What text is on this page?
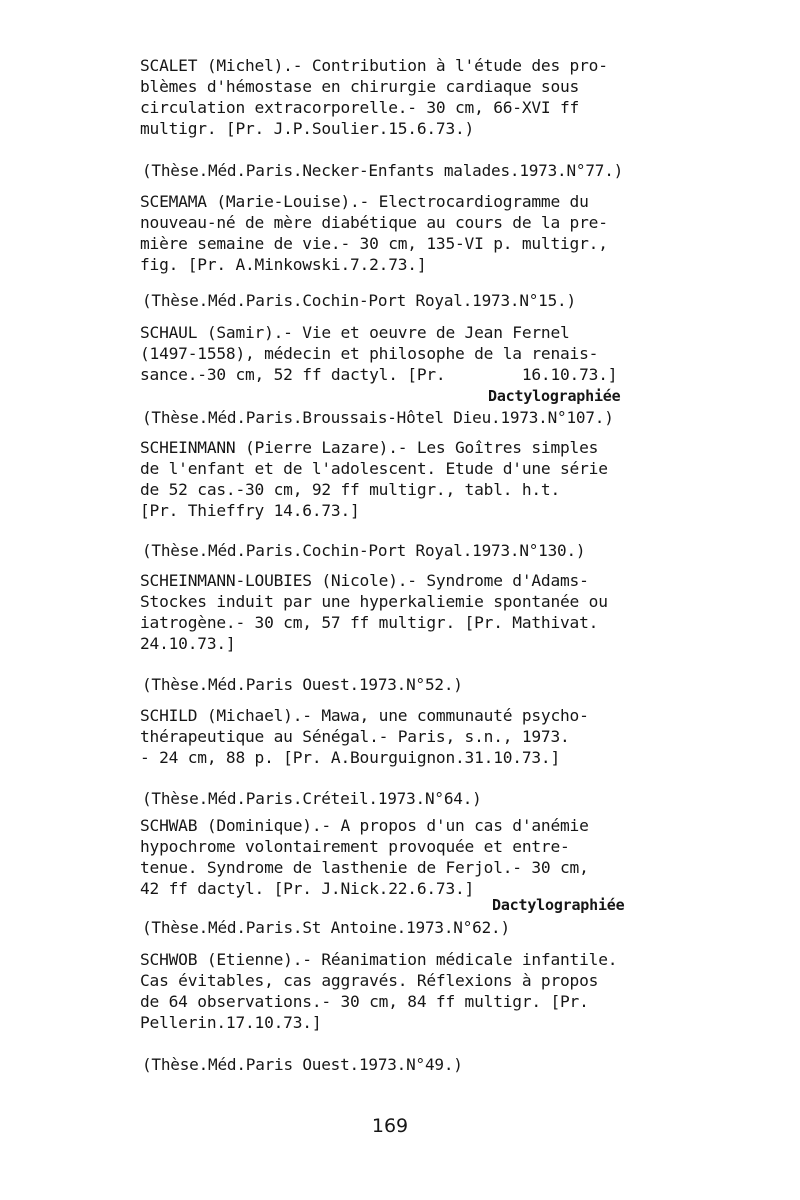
SCALET (Michel).- Contribution à l'étude des pro-
blèmes d'hémostase en chirurgie cardiaque sous
circulation extracorporelle.- 30 cm, 66-XVI ff
multigr. [Pr. J.P.Soulier.15.6.73.)
(Thèse.Méd.Paris.Necker-Enfants malades.1973.N°77.)
SCEMAMA (Marie-Louise).- Electrocardiogramme du
nouveau-né de mère diabétique au cours de la pre-
mière semaine de vie.- 30 cm, 135-VI p. multigr.,
fig. [Pr. A.Minkowski.7.2.73.]
(Thèse.Méd.Paris.Cochin-Port Royal.1973.N°15.)
SCHAUL (Samir).- Vie et oeuvre de Jean Fernel
(1497-1558), médecin et philosophe de la renais-
sance.-30 cm, 52 ff dactyl. [Pr.        16.10.73.]
Dactylographiée
(Thèse.Méd.Paris.Broussais-Hôtel Dieu.1973.N°107.)
SCHEINMANN (Pierre Lazare).- Les Goîtres simples
de l'enfant et de l'adolescent. Etude d'une série
de 52 cas.-30 cm, 92 ff multigr., tabl. h.t.
[Pr. Thieffry 14.6.73.]
(Thèse.Méd.Paris.Cochin-Port Royal.1973.N°130.)
SCHEINMANN-LOUBIES (Nicole).- Syndrome d'Adams-
Stockes induit par une hyperkaliemie spontanée ou
iatrogène.- 30 cm, 57 ff multigr. [Pr. Mathivat.
24.10.73.]
(Thèse.Méd.Paris Ouest.1973.N°52.)
SCHILD (Michael).- Mawa, une communauté psycho-
thérapeutique au Sénégal.- Paris, s.n., 1973.
- 24 cm, 88 p. [Pr. A.Bourguignon.31.10.73.]
(Thèse.Méd.Paris.Créteil.1973.N°64.)
SCHWAB (Dominique).- A propos d'un cas d'anémie
hypochrome volontairement provoquée et entre-
tenue. Syndrome de lasthenie de Ferjol.- 30 cm,
42 ff dactyl. [Pr. J.Nick.22.6.73.]
Dactylographiée
(Thèse.Méd.Paris.St Antoine.1973.N°62.)
SCHWOB (Etienne).- Réanimation médicale infantile.
Cas évitables, cas aggravés. Réflexions à propos
de 64 observations.- 30 cm, 84 ff multigr. [Pr.
Pellerin.17.10.73.]
(Thèse.Méd.Paris Ouest.1973.N°49.)
169
